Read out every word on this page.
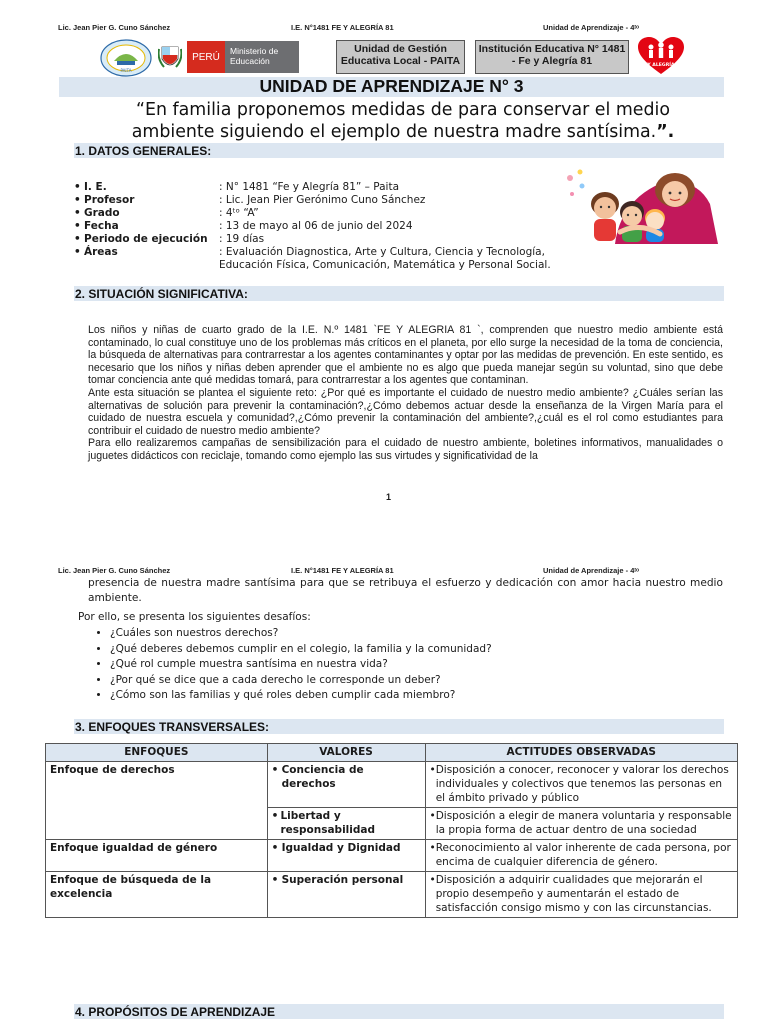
Lic. Jean Pier G. Cuno Sánchez	I.E. N°1481 FE Y ALEGRÍA 81	Unidad de Aprendizaje - 4ᵗᵒ
PAITA
PERÚ
Ministerio de Educación
Unidad de Gestión Educativa Local - PAITA
Institución Educativa N° 1481 - Fe y Alegría 81	FE Y ALEGRÍA 81
UNIDAD DE APRENDIZAJE N° 3
“En familia proponemos medidas de para conservar el medio ambiente siguiendo el ejemplo de nuestra madre santísima.”.
1. DATOS GENERALES:
• I. E.	: N° 1481 “Fe y Alegría 81” – Paita
• Profesor	: Lic. Jean Pier Gerónimo Cuno Sánchez
• Grado	: 4ᵗᵒ “A”
• Fecha	: 13 de mayo al 06 de junio del 2024
• Periodo de ejecución	: 19 días
• Áreas	: Evaluación Diagnostica, Arte y Cultura, Ciencia y Tecnología,
Educación Física, Comunicación, Matemática y Personal Social.
2. SITUACIÓN SIGNIFICATIVA:

Los niños y niñas de cuarto grado de la I.E. N.º 1481 `FE Y ALEGRIA 81 `, comprenden que nuestro medio ambiente está contaminado, lo cual constituye uno de los problemas más críticos en el planeta, por ello surge la necesidad de la toma de conciencia, la búsqueda de alternativas para contrarrestar a los agentes contaminantes y optar por las medidas de prevención. En este sentido, es necesario que los niños y niñas deben aprender que el ambiente no es algo que pueda manejar según su voluntad, sino que debe tomar conciencia ante qué medidas tomará, para contrarrestar a los agentes que contaminan.

Ante esta situación se plantea el siguiente reto: ¿Por qué es importante el cuidado de nuestro medio ambiente? ¿Cuáles serían las alternativas de solución para prevenir la contaminación?,¿Cómo debemos actuar desde la enseñanza de la Virgen María para el cuidado de nuestra escuela y comunidad?,¿Cómo prevenir la contaminación del ambiente?,¿cuál es el rol como estudiantes para contribuir el cuidado de nuestro medio ambiente?

Para ello realizaremos campañas de sensibilización para el cuidado de nuestro ambiente, boletines informativos, manualidades o juguetes didácticos con reciclaje, tomando como ejemplo las sus virtudes y significatividad de la

1
Lic. Jean Pier G. Cuno Sánchez	I.E. N°1481 FE Y ALEGRÍA 81	Unidad de Aprendizaje - 4ᵗᵒ
presencia de nuestra madre santísima para que se retribuya el esfuerzo y dedicación con amor hacia nuestro medio ambiente.
Por ello, se presenta los siguientes desafíos:
• ¿Cuáles son nuestros derechos?
• ¿Qué deberes debemos cumplir en el colegio, la familia y la comunidad?
• ¿Qué rol cumple muestra santísima en nuestra vida?
• ¿Por qué se dice que a cada derecho le corresponde un deber?
• ¿Cómo son las familias y qué roles deben cumplir cada miembro?
3. ENFOQUES TRANSVERSALES:
ENFOQUES	VALORES	ACTITUDES OBSERVADAS
Enfoque de derechos	• Conciencia de derechos	• Disposición a conocer, reconocer y valorar los derechos individuales y colectivos que tenemos las personas en el ámbito privado y público

	• Libertad y responsabilidad	• Disposición a elegir de manera voluntaria y responsable la propia forma de actuar dentro de una sociedad

Enfoque igualdad de género	• Igualdad y Dignidad	• Reconocimiento al valor inherente de cada persona, por encima de cualquier diferencia de género.

Enfoque de búsqueda de la excelencia	• Superación personal	• Disposición a adquirir cualidades que mejorarán el propio desempeño y aumentarán el estado de satisfacción consigo mismo y con las circunstancias.
4. PROPÓSITOS DE APRENDIZAJE
